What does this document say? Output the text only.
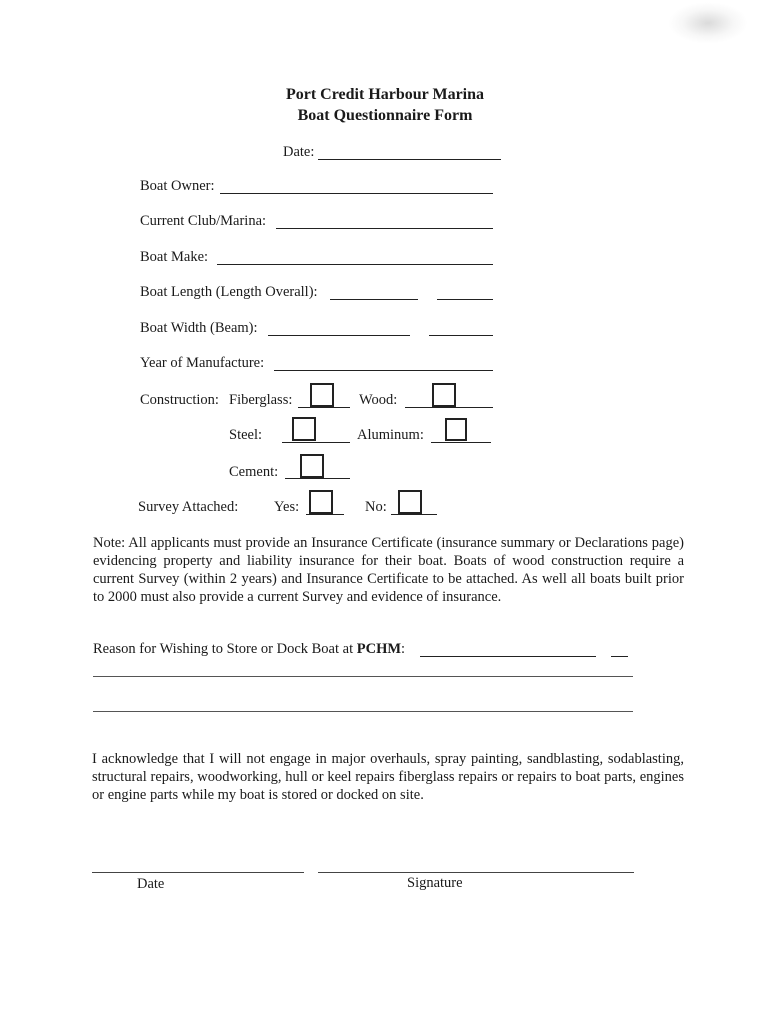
Port Credit Harbour Marina
Boat Questionnaire Form
Date:
Boat Owner:
Current Club/Marina:
Boat Make:
Boat Length (Length Overall):
Boat Width (Beam):
Year of Manufacture:
Construction: Fiberglass:	Wood:
Steel:	Aluminum:
Cement:
Survey Attached: Yes:	No:
Note: All applicants must provide an Insurance Certificate (insurance summary or Declarations page) evidencing property and liability insurance for their boat. Boats of wood construction require a current Survey (within 2 years) and Insurance Certificate to be attached. As well all boats built prior to 2000 must also provide a current Survey and evidence of insurance.
Reason for Wishing to Store or Dock Boat at PCHM:
I acknowledge that I will not engage in major overhauls, spray painting, sandblasting, sodablasting, structural repairs, woodworking, hull or keel repairs fiberglass repairs or repairs to boat parts, engines or engine parts while my boat is stored or docked on site.
Date	Signature
